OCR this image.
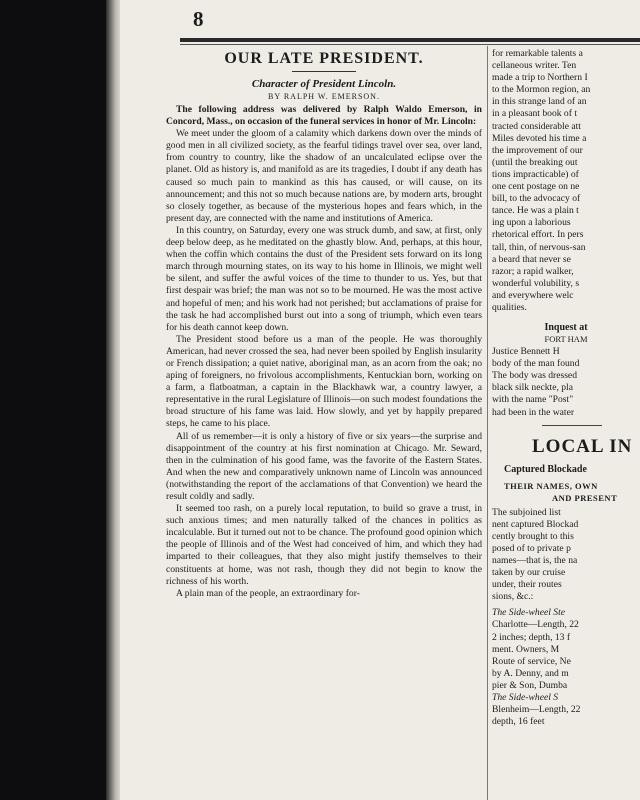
8

OUR LATE PRESIDENT.

Character of President Lincoln.

BY RALPH W. EMERSON.

The following address was delivered by Ralph Waldo Emerson, in Concord, Mass., on occasion of the funeral services in honor of Mr. Lincoln:

We meet under the gloom of a calamity which darkens down over the minds of good men in all civilized society, as the fearful tidings travel over sea, over land, from country to country, like the shadow of an uncalculated eclipse over the planet. Old as history is, and manifold as are its tragedies, I doubt if any death has caused so much pain to mankind as this has caused, or will cause, on its announcement; and this not so much because nations are, by modern arts, brought so closely together, as because of the mysterious hopes and fears which, in the present day, are connected with the name and institutions of America.

In this country, on Saturday, every one was struck dumb, and saw, at first, only deep below deep, as he meditated on the ghastly blow. And, perhaps, at this hour, when the coffin which contains the dust of the President sets forward on its long march through mourning states, on its way to his home in Illinois, we might well be silent, and suffer the awful voices of the time to thunder to us. Yes, but that first despair was brief; the man was not so to be mourned. He was the most active and hopeful of men; and his work had not perished; but acclamations of praise for the task he had accomplished burst out into a song of triumph, which even tears for his death cannot keep down.

The President stood before us a man of the people. He was thoroughly American, had never crossed the sea, had never been spoiled by English insularity or French dissipation; a quiet native, aboriginal man, as an acorn from the oak; no aping of foreigners, no frivolous accomplishments, Kentuckian born, working on a farm, a flatboatman, a captain in the Blackhawk war, a country lawyer, a representative in the rural Legislature of Illinois—on such modest foundations the broad structure of his fame was laid. How slowly, and yet by happily prepared steps, he came to his place.

All of us remember—it is only a history of five or six years—the surprise and disappointment of the country at his first nomination at Chicago. Mr. Seward, then in the culmination of his good fame, was the favorite of the Eastern States. And when the new and comparatively unknown name of Lincoln was announced (notwithstanding the report of the acclamations of that Convention) we heard the result coldly and sadly.

It seemed too rash, on a purely local reputation, to build so grave a trust, in such anxious times; and men naturally talked of the chances in politics as incalculable. But it turned out not to be chance. The profound good opinion which the people of Illinois and of the West had conceived of him, and which they had imparted to their colleagues, that they also might justify themselves to their constituents at home, was not rash, though they did not begin to know the richness of his worth.

A plain man of the people, an extraordinary for-

for remarkable talents a

cellaneous writer. Ten

made a trip to Northern I

to the Mormon region, an

in this strange land of an

in a pleasant book of t

tracted considerable att

Miles devoted his time a

the improvement of our

(until the breaking out

tions impracticable) of

one cent postage on ne

bill, to the advocacy of

tance. He was a plain t

ing upon a laborious

rhetorical effort. In pers

tall, thin, of nervous-san

a beard that never se

razor; a rapid walker,

wonderful volubility, s

and everywhere welc

qualities.

Inquest at

FORT HAM

Justice Bennett H

body of the man found

The body was dressed

black silk neckte, pla

with the name "Post"

had been in the water

LOCAL IN

Captured Blockade

THEIR NAMES, OWN

AND PRESENT

The subjoined list

nent captured Blockad

cently brought to this

posed of to private p

names—that is, the na

taken by our cruise

under, their routes

sions, &c.:

The Side-wheel Ste

Charlotte—Length, 22

2 inches; depth, 13 f

ment. Owners, M

Route of service, Ne

by A. Denny, and m

pier & Son, Dumba

The Side-wheel S

Blenheim—Length, 22

depth, 16 feet
